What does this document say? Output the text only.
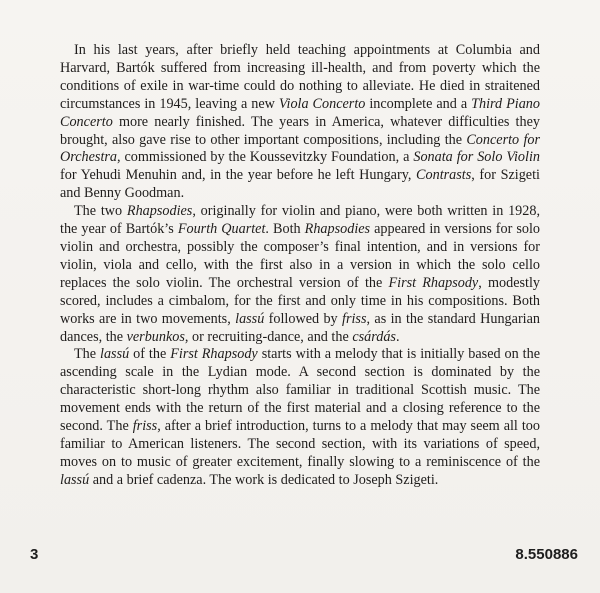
In his last years, after briefly held teaching appointments at Columbia and Harvard, Bartók suffered from increasing ill-health, and from poverty which the conditions of exile in war-time could do nothing to alleviate. He died in straitened circumstances in 1945, leaving a new Viola Concerto incomplete and a Third Piano Concerto more nearly finished. The years in America, whatever difficulties they brought, also gave rise to other important compositions, including the Concerto for Orchestra, commissioned by the Koussevitzky Foundation, a Sonata for Solo Violin for Yehudi Menuhin and, in the year before he left Hungary, Contrasts, for Szigeti and Benny Goodman.

The two Rhapsodies, originally for violin and piano, were both written in 1928, the year of Bartók’s Fourth Quartet. Both Rhapsodies appeared in versions for solo violin and orchestra, possibly the composer’s final intention, and in versions for violin, viola and cello, with the first also in a version in which the solo cello replaces the solo violin. The orchestral version of the First Rhapsody, modestly scored, includes a cimbalom, for the first and only time in his compositions. Both works are in two movements, lassú followed by friss, as in the standard Hungarian dances, the verbunkos, or recruiting-dance, and the csárdás.

The lassú of the First Rhapsody starts with a melody that is initially based on the ascending scale in the Lydian mode. A second section is dominated by the characteristic short-long rhythm also familiar in traditional Scottish music. The movement ends with the return of the first material and a closing reference to the second. The friss, after a brief introduction, turns to a melody that may seem all too familiar to American listeners. The second section, with its variations of speed, moves on to music of greater excitement, finally slowing to a reminiscence of the lassú and a brief cadenza. The work is dedicated to Joseph Szigeti.

3	8.550886
